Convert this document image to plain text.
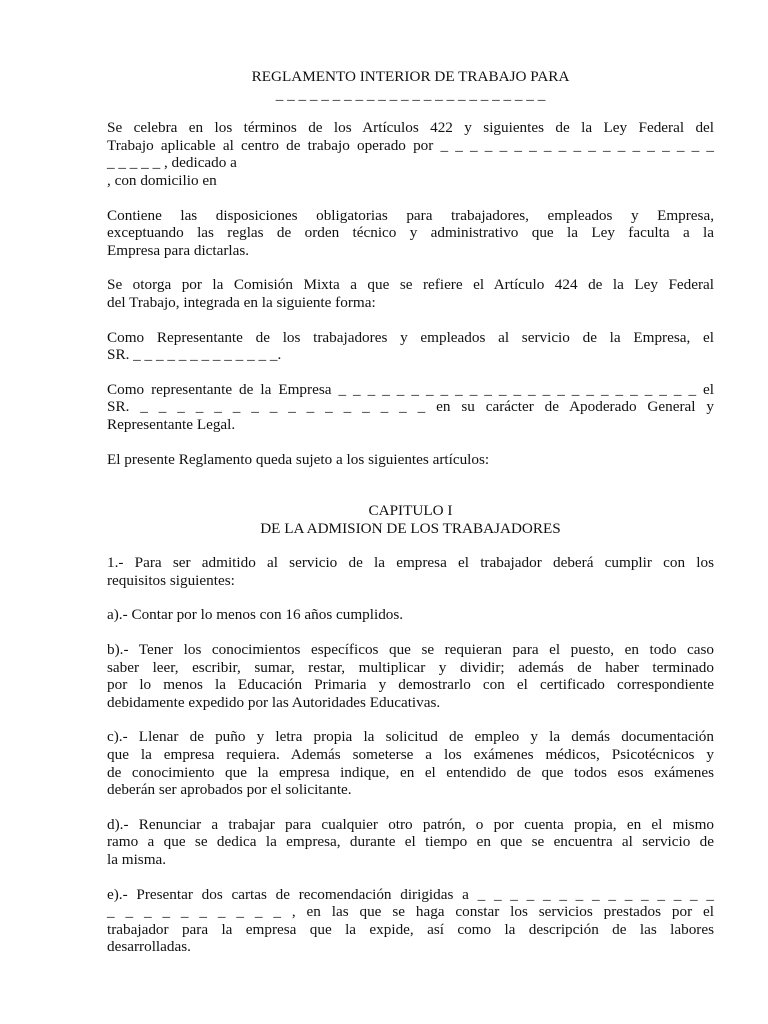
REGLAMENTO INTERIOR DE TRABAJO PARA
_ _ _ _ _ _ _ _ _ _ _ _ _ _ _ _ _ _ _ _ _ _ _ _
Se celebra en los términos de los Artículos 422 y siguientes de la Ley Federal del
Trabajo aplicable al centro de trabajo operado por _ _ _ _ _ _ _ _ _ _ _ _ _ _ _ _ _ _ _
_ _ _ _ _ , dedicado a
, con domicilio en
Contiene las disposiciones obligatorias para trabajadores, empleados y Empresa,
exceptuando las reglas de orden técnico y administrativo que la Ley faculta a la
Empresa para dictarlas.
Se otorga por la Comisión Mixta a que se refiere el Artículo 424 de la Ley Federal
del Trabajo, integrada en la siguiente forma:
Como Representante de los trabajadores y empleados al servicio de la Empresa, el
SR. _ _ _ _ _ _ _ _ _ _ _ _ _.
Como representante de la Empresa _ _ _ _ _ _ _ _ _ _ _ _ _ _ _ _ _ _ _ _ _ _ _ _ _ el
SR. _ _ _ _ _ _ _ _ _ _ _ _ _ _ _ _ en su carácter de Apoderado General y
Representante Legal.
El presente Reglamento queda sujeto a los siguientes artículos:
CAPITULO I
DE LA ADMISION DE LOS TRABAJADORES
1.- Para ser admitido al servicio de la empresa el trabajador deberá cumplir con los
requisitos siguientes:
a).- Contar por lo menos con 16 años cumplidos.
b).- Tener los conocimientos específicos que se requieran para el puesto, en todo caso
saber leer, escribir, sumar, restar, multiplicar y dividir; además de haber terminado
por lo menos la Educación Primaria y demostrarlo con el certificado correspondiente
debidamente expedido por las Autoridades Educativas.
c).- Llenar de puño y letra propia la solicitud de empleo y la demás documentación
que la empresa requiera. Además someterse a los exámenes médicos, Psicotécnicos y
de conocimiento que la empresa indique, en el entendido de que todos esos exámenes
deberán ser aprobados por el solicitante.
d).- Renunciar a trabajar para cualquier otro patrón, o por cuenta propia, en el mismo
ramo a que se dedica la empresa, durante el tiempo en que se encuentra al servicio de
la misma.
e).- Presentar dos cartas de recomendación dirigidas a _ _ _ _ _ _ _ _ _ _ _ _ _ _ _
_ _ _ _ _ _ _ _ _ _ , en las que se haga constar los servicios prestados por el
trabajador para la empresa que la expide, así como la descripción de las labores
desarrolladas.
